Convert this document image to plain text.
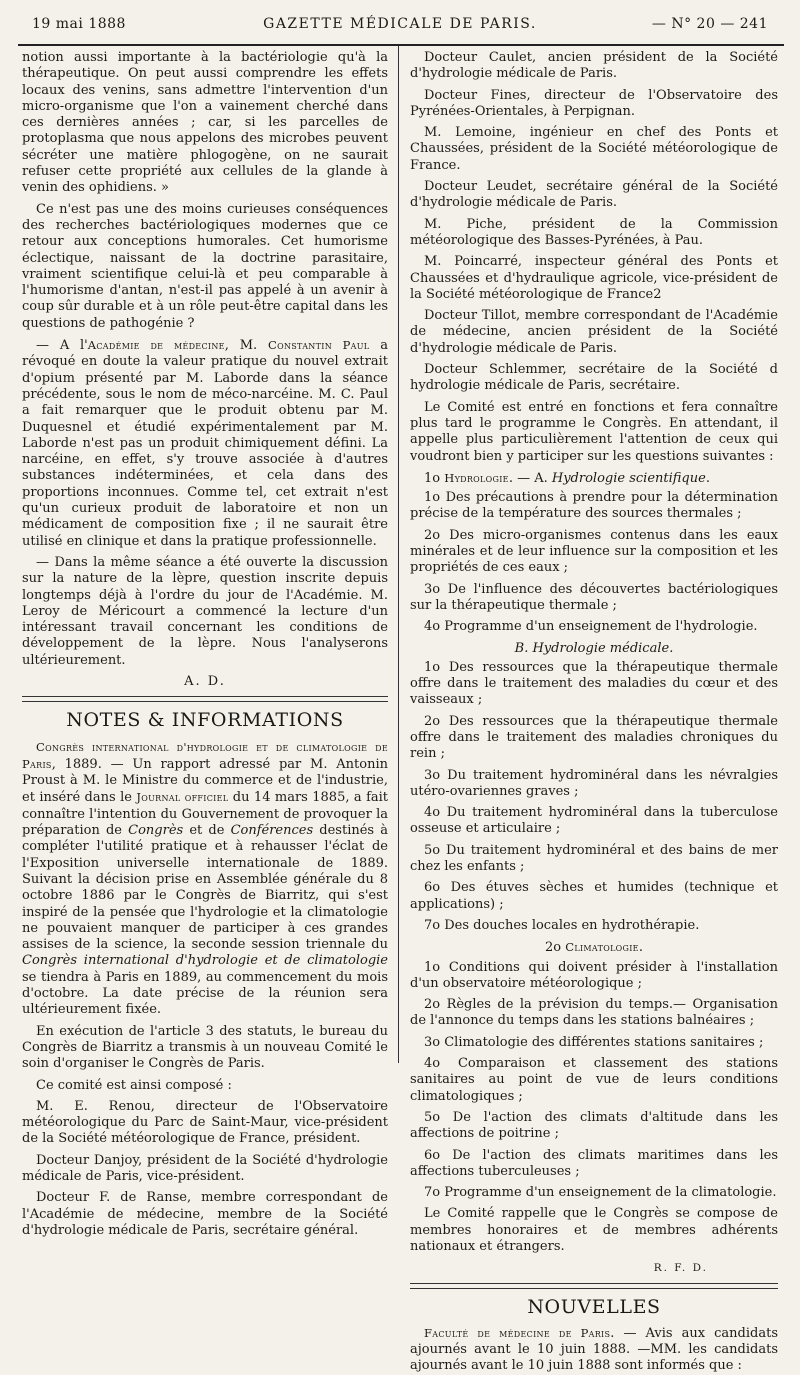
19 mai 1888	GAZETTE MÉDICALE DE PARIS.	— N° 20 — 241

notion aussi importante à la bactériologie qu'à la thérapeutique. On peut aussi comprendre les effets locaux des venins, sans admettre l'intervention d'un micro-organisme que l'on a vainement cherché dans ces dernières années ; car, si les parcelles de protoplasma que nous appelons des microbes peuvent sécréter une matière phlogogène, on ne saurait refuser cette propriété aux cellules de la glande à venin des ophidiens. »

Ce n'est pas une des moins curieuses conséquences des recherches bactériologiques modernes que ce retour aux conceptions humorales. Cet humorisme éclectique, naissant de la doctrine parasitaire, vraiment scientifique celui-là et peu comparable à l'humorisme d'antan, n'est-il pas appelé à un avenir à coup sûr durable et à un rôle peut-être capital dans les questions de pathogénie ?

— A l'Académie de médecine, M. Constantin Paul a révoqué en doute la valeur pratique du nouvel extrait d'opium présenté par M. Laborde dans la séance précédente, sous le nom de méco-narcéine. M. C. Paul a fait remarquer que le produit obtenu par M. Duquesnel et étudié expérimentalement par M. Laborde n'est pas un produit chimiquement défini. La narcéine, en effet, s'y trouve associée à d'autres substances indéterminées, et cela dans des proportions inconnues. Comme tel, cet extrait n'est qu'un curieux produit de laboratoire et non un médicament de composition fixe ; il ne saurait être utilisé en clinique et dans la pratique professionnelle.

— Dans la même séance a été ouverte la discussion sur la nature de la lèpre, question inscrite depuis longtemps déjà à l'ordre du jour de l'Académie. M. Leroy de Méricourt a commencé la lecture d'un intéressant travail concernant les conditions de développement de la lèpre. Nous l'analyserons ultérieurement.

A. D.

NOTES & INFORMATIONS

Congrès international d'hydrologie et de climatologie de Paris, 1889. — Un rapport adressé par M. Antonin Proust à M. le Ministre du commerce et de l'industrie, et inséré dans le Journal officiel du 14 mars 1885, a fait connaître l'intention du Gouvernement de provoquer la préparation de Congrès et de Conférences destinés à compléter l'utilité pratique et à rehausser l'éclat de l'Exposition universelle internationale de 1889. Suivant la décision prise en Assemblée générale du 8 octobre 1886 par le Congrès de Biarritz, qui s'est inspiré de la pensée que l'hydrologie et la climatologie ne pouvaient manquer de participer à ces grandes assises de la science, la seconde session triennale du Congrès international d'hydrologie et de climatologie se tiendra à Paris en 1889, au commencement du mois d'octobre. La date précise de la réunion sera ultérieurement fixée.

En exécution de l'article 3 des statuts, le bureau du Congrès de Biarritz a transmis à un nouveau Comité le soin d'organiser le Congrès de Paris.

Ce comité est ainsi composé :

M. E. Renou, directeur de l'Observatoire météorologique du Parc de Saint-Maur, vice-président de la Société météorologique de France, président.

Docteur Danjoy, président de la Société d'hydrologie médicale de Paris, vice-président.

Docteur F. de Ranse, membre correspondant de l'Académie de médecine, membre de la Société d'hydrologie médicale de Paris, secrétaire général.

Docteur Caulet, ancien président de la Société d'hydrologie médicale de Paris.

Docteur Fines, directeur de l'Observatoire des Pyrénées-Orientales, à Perpignan.

M. Lemoine, ingénieur en chef des Ponts et Chaussées, président de la Société météorologique de France.

Docteur Leudet, secrétaire général de la Société d'hydrologie médicale de Paris.

M. Piche, président de la Commission météorologique des Basses-Pyrénées, à Pau.

M. Poincarré, inspecteur général des Ponts et Chaussées et d'hydraulique agricole, vice-président de la Société météorologique de France2

Docteur Tillot, membre correspondant de l'Académie de médecine, ancien président de la Société d'hydrologie médicale de Paris.

Docteur Schlemmer, secrétaire de la Société d hydrologie médicale de Paris, secrétaire.

Le Comité est entré en fonctions et fera connaître plus tard le programme le Congrès. En attendant, il appelle plus particulièrement l'attention de ceux qui voudront bien y participer sur les questions suivantes :

1o Hydrologie. — A. Hydrologie scientifique.

1o Des précautions à prendre pour la détermination précise de la température des sources thermales ;

2o Des micro-organismes contenus dans les eaux minérales et de leur influence sur la composition et les propriétés de ces eaux ;

3o De l'influence des découvertes bactériologiques sur la thérapeutique thermale ;

4o Programme d'un enseignement de l'hydrologie.

B. Hydrologie médicale.

1o Des ressources que la thérapeutique thermale offre dans le traitement des maladies du cœur et des vaisseaux ;

2o Des ressources que la thérapeutique thermale offre dans le traitement des maladies chroniques du rein ;

3o Du traitement hydrominéral dans les névralgies utéro-ovariennes graves ;

4o Du traitement hydrominéral dans la tuberculose osseuse et articulaire ;

5o Du traitement hydrominéral et des bains de mer chez les enfants ;

6o Des étuves sèches et humides (technique et applications) ;

7o Des douches locales en hydrothérapie.

2o Climatologie.

1o Conditions qui doivent présider à l'installation d'un observatoire météorologique ;

2o Règles de la prévision du temps.— Organisation de l'annonce du temps dans les stations balnéaires ;

3o Climatologie des différentes stations sanitaires ;

4o Comparaison et classement des stations sanitaires au point de vue de leurs conditions climatologiques ;

5o De l'action des climats d'altitude dans les affections de poitrine ;

6o De l'action des climats maritimes dans les affections tuberculeuses ;

7o Programme d'un enseignement de la climatologie.

Le Comité rappelle que le Congrès se compose de membres honoraires et de membres adhérents nationaux et étrangers.

R. F. D.

NOUVELLES

Faculté de médecine de Paris. — Avis aux candidats ajournés avant le 10 juin 1888. —MM. les candidats ajournés avant le 10 juin 1888 sont informés que :
